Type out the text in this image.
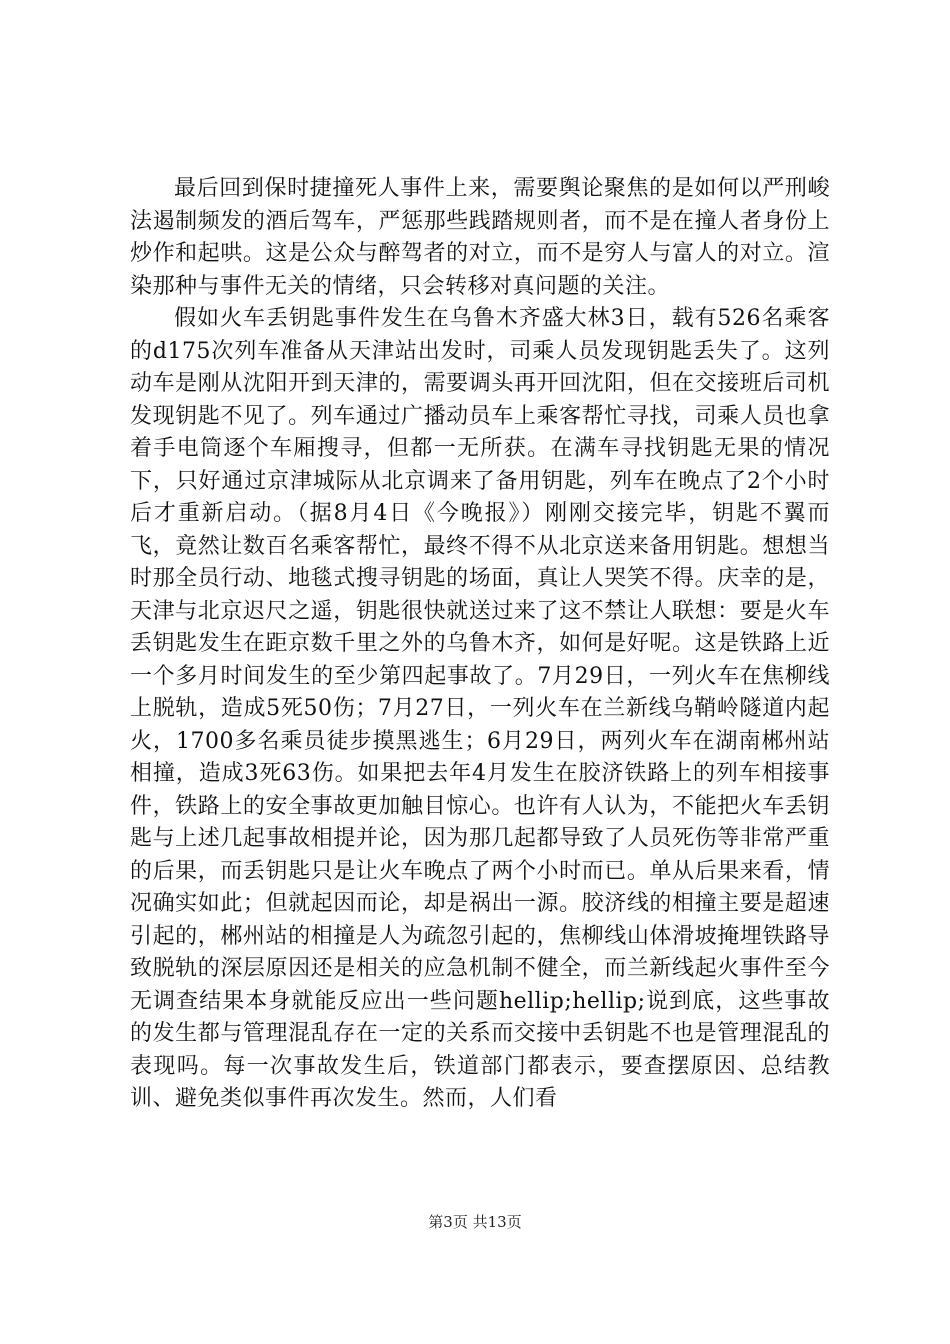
最后回到保时捷撞死人事件上来，需要舆论聚焦的是如何以严刑峻法遏制频发的酒后驾车，严惩那些践踏规则者，而不是在撞人者身份上炒作和起哄。这是公众与醉驾者的对立，而不是穷人与富人的对立。渲染那种与事件无关的情绪，只会转移对真问题的关注。

假如火车丢钥匙事件发生在乌鲁木齐盛大林3日，载有526名乘客的d175次列车准备从天津站出发时，司乘人员发现钥匙丢失了。这列动车是刚从沈阳开到天津的，需要调头再开回沈阳，但在交接班后司机发现钥匙不见了。列车通过广播动员车上乘客帮忙寻找，司乘人员也拿着手电筒逐个车厢搜寻，但都一无所获。在满车寻找钥匙无果的情况下，只好通过京津城际从北京调来了备用钥匙，列车在晚点了2个小时后才重新启动。（据8月4日《今晚报》）刚刚交接完毕，钥匙不翼而飞，竟然让数百名乘客帮忙，最终不得不从北京送来备用钥匙。想想当时那全员行动、地毯式搜寻钥匙的场面，真让人哭笑不得。庆幸的是，天津与北京迟尺之遥，钥匙很快就送过来了这不禁让人联想：要是火车丢钥匙发生在距京数千里之外的乌鲁木齐，如何是好呢。这是铁路上近一个多月时间发生的至少第四起事故了。7月29日，一列火车在焦柳线上脱轨，造成5死50伤；7月27日，一列火车在兰新线乌鞘岭隧道内起火，1700多名乘员徒步摸黑逃生；6月29日，两列火车在湖南郴州站相撞，造成3死63伤。如果把去年4月发生在胶济铁路上的列车相接事件，铁路上的安全事故更加触目惊心。也许有人认为，不能把火车丢钥匙与上述几起事故相提并论，因为那几起都导致了人员死伤等非常严重的后果，而丢钥匙只是让火车晚点了两个小时而已。单从后果来看，情况确实如此；但就起因而论，却是祸出一源。胶济线的相撞主要是超速引起的，郴州站的相撞是人为疏忽引起的，焦柳线山体滑坡掩埋铁路导致脱轨的深层原因还是相关的应急机制不健全，而兰新线起火事件至今无调查结果本身就能反应出一些问题hellip;hellip;说到底，这些事故的发生都与管理混乱存在一定的关系而交接中丢钥匙不也是管理混乱的表现吗。每一次事故发生后，铁道部门都表示，要查摆原因、总结教训、避免类似事件再次发生。然而，人们看

第3页 共13页
